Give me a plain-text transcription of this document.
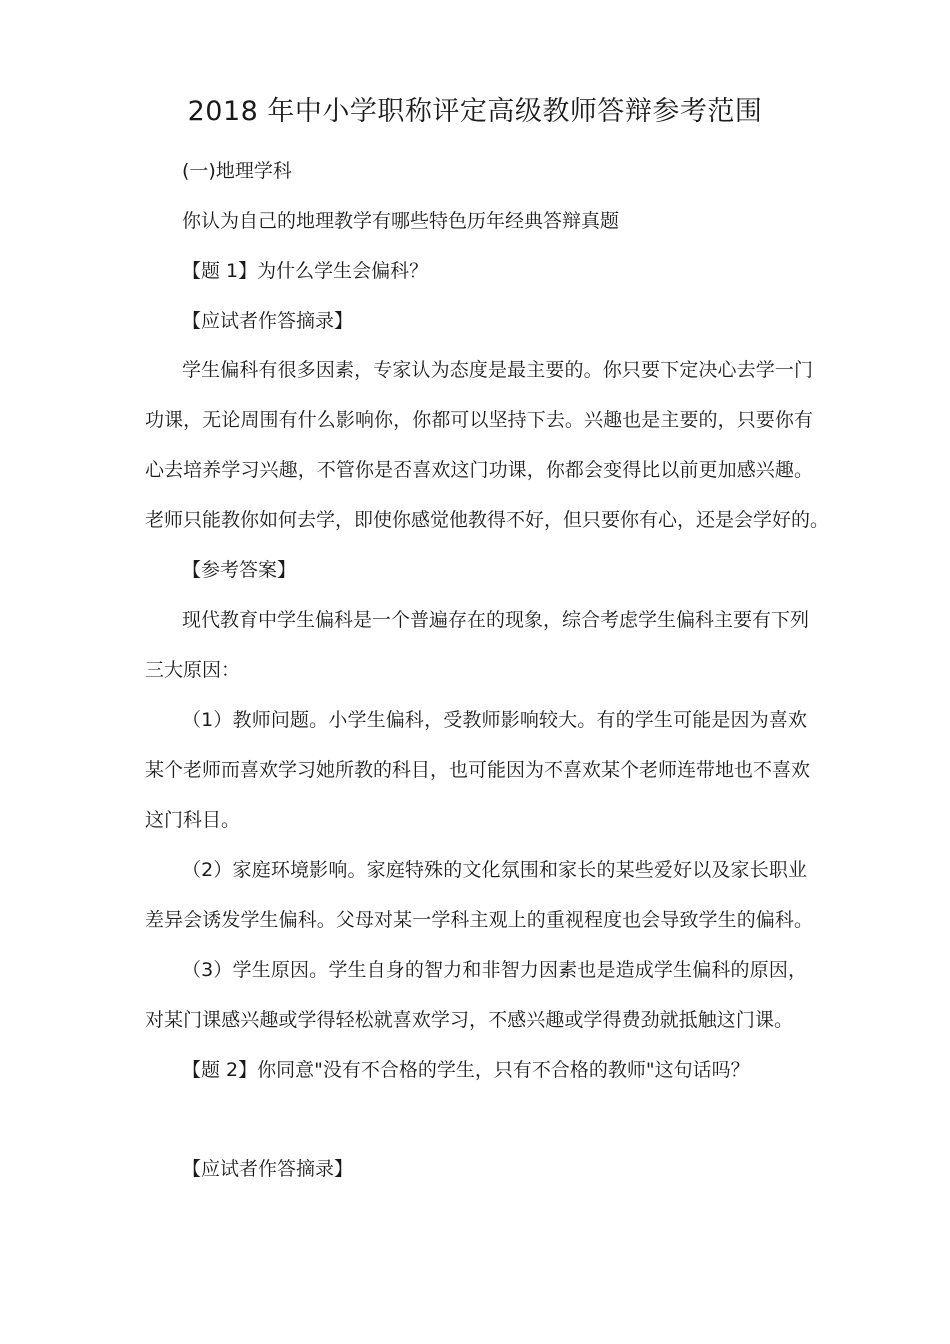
2018 年中小学职称评定高级教师答辩参考范围
(一)地理学科
你认为自己的地理教学有哪些特色历年经典答辩真题
【题 1】为什么学生会偏科？
【应试者作答摘录】
学生偏科有很多因素，专家认为态度是最主要的。你只要下定决心去学一门
功课，无论周围有什么影响你，你都可以坚持下去。兴趣也是主要的，只要你有
心去培养学习兴趣，不管你是否喜欢这门功课，你都会变得比以前更加感兴趣。
老师只能教你如何去学，即使你感觉他教得不好，但只要你有心，还是会学好的。
【参考答案】
现代教育中学生偏科是一个普遍存在的现象，综合考虑学生偏科主要有下列
三大原因：
（1）教师问题。小学生偏科，受教师影响较大。有的学生可能是因为喜欢
某个老师而喜欢学习她所教的科目，也可能因为不喜欢某个老师连带地也不喜欢
这门科目。
（2）家庭环境影响。家庭特殊的文化氛围和家长的某些爱好以及家长职业
差异会诱发学生偏科。父母对某一学科主观上的重视程度也会导致学生的偏科。
（3）学生原因。学生自身的智力和非智力因素也是造成学生偏科的原因，
对某门课感兴趣或学得轻松就喜欢学习，不感兴趣或学得费劲就抵触这门课。
【题 2】你同意"没有不合格的学生，只有不合格的教师"这句话吗？
【应试者作答摘录】
